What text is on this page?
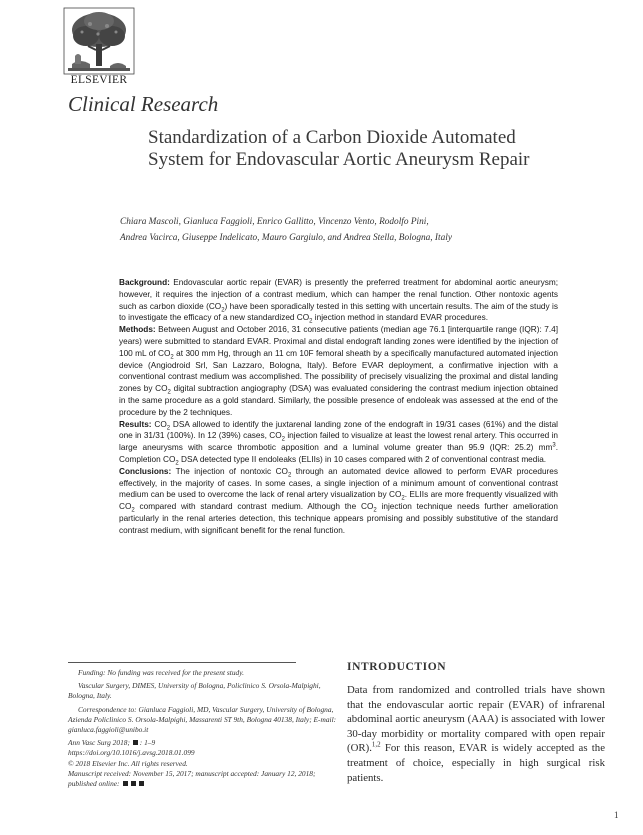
ELSEVIER
Clinical Research
Standardization of a Carbon Dioxide Automated System for Endovascular Aortic Aneurysm Repair
Chiara Mascoli, Gianluca Faggioli, Enrico Gallitto, Vincenzo Vento, Rodolfo Pini,
Andrea Vacirca, Giuseppe Indelicato, Mauro Gargiulo, and Andrea Stella, Bologna, Italy

Background: Endovascular aortic repair (EVAR) is presently the preferred treatment for abdominal aortic aneurysm; however, it requires the injection of a contrast medium, which can hamper the renal function. Other nontoxic agents such as carbon dioxide $(CO_2)$ have been sporadically tested in this setting with uncertain results. The aim of the study is to investigate the efficacy of a new standardized $CO_2$ injection method in standard EVAR procedures.

Methods: Between August and October 2016, 31 consecutive patients (median age 76.1 [interquartile range (IQR): 7.4] years) were submitted to standard EVAR. Proximal and distal endograft landing zones were identified by the injection of 100 mL of $CO_2$ at 300 mm Hg, through an 11 cm 10F femoral sheath by a specifically manufactured automated injection device (Angiodroid Srl, San Lazzaro, Bologna, Italy). Before EVAR deployment, a confirmative injection with a conventional contrast medium was accomplished. The possibility of precisely visualizing the proximal and distal landing zones by $CO_2$ digital subtraction angiography (DSA) was evaluated considering the contrast medium injection obtained in the same procedure as a gold standard. Similarly, the possible presence of endoleak was assessed at the end of the procedure by the 2 techniques.

Results: $CO_2$ DSA allowed to identify the juxtarenal landing zone of the endograft in 19/31 cases (61%) and the distal one in 31/31 (100%). In 12 (39%) cases, $CO_2$ injection failed to visualize at least the lowest renal artery. This occurred in large aneurysms with scarce thrombotic apposition and a luminal volume greater than 95.9 (IQR: 25.2) $mm^3$. Completion $CO_2$ DSA detected type II endoleaks (ELIIs) in 10 cases compared with 2 of conventional contrast media.

Conclusions: The injection of nontoxic $CO_2$ through an automated device allowed to perform EVAR procedures effectively, in the majority of cases. In some cases, a single injection of a minimum amount of conventional contrast medium can be used to overcome the lack of renal artery visualization by $CO_2$. ELIIs are more frequently visualized with $CO_2$ compared with standard contrast medium. Although the $CO_2$ injection technique needs further amelioration particularly in the renal arteries detection, this technique appears promising and possibly substitutive of the standard contrast medium, with significant benefit for the renal function.

Funding: No funding was received for the present study.

Vascular Surgery, DIMES, University of Bologna, Policlinico S. Orsola-Malpighi, Bologna, Italy.

Correspondence to: Gianluca Faggioli, MD, Vascular Surgery, University of Bologna, Azienda Policlinico S. Orsola-Malpighi, Massarenti ST 9th, Bologna 40138, Italy; E-mail: gianluca.faggioli@unibo.it

Ann Vasc Surg 2018; : 1–9
https://doi.org/10.1016/j.avsg.2018.01.099
© 2018 Elsevier Inc. All rights reserved.
Manuscript received: November 15, 2017; manuscript accepted: January 12, 2018; published online:

INTRODUCTION
Data from randomized and controlled trials have shown that the endovascular aortic repair (EVAR) of infrarenal abdominal aortic aneurysm (AAA) is associated with lower 30-day morbidity or mortality compared with open repair (OR).$^{1,2}$ For this reason, EVAR is widely accepted as the treatment of choice, especially in high surgical risk patients.
1
